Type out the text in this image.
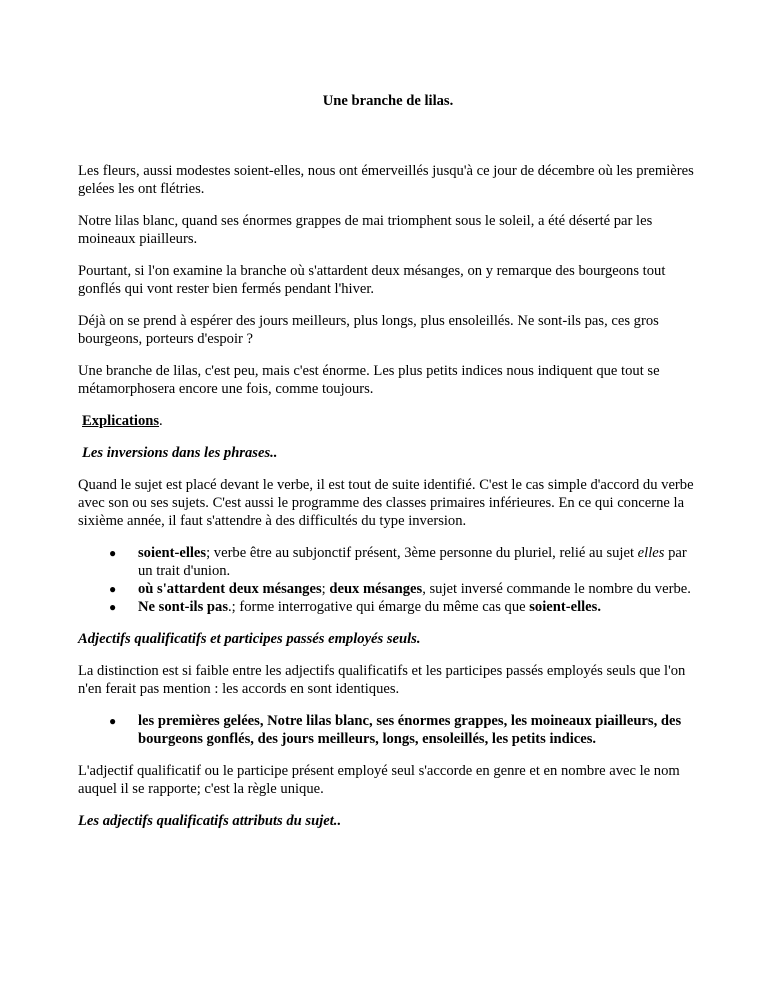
Une branche de lilas.

Les fleurs, aussi modestes soient-elles, nous ont émerveillés jusqu'à ce jour de décembre où les premières gelées les ont flétries.

Notre lilas blanc, quand ses énormes grappes de mai triomphent sous le soleil, a été déserté par les moineaux piailleurs.

Pourtant, si l'on examine la branche où s'attardent deux mésanges, on y remarque des bourgeons tout gonflés qui vont rester bien fermés pendant l'hiver.

Déjà on se prend à espérer des jours meilleurs, plus longs, plus ensoleillés. Ne sont-ils pas, ces gros bourgeons, porteurs d'espoir ?

Une branche de lilas, c'est peu, mais c'est énorme. Les plus petits indices nous indiquent que tout se métamorphosera encore une fois, comme toujours.

Explications.
Les inversions dans les phrases..

Quand le sujet est placé devant le verbe, il est tout de suite identifié. C'est le cas simple d'accord du verbe avec son ou ses sujets. C'est aussi le programme des classes primaires inférieures. En ce qui concerne la sixième année, il faut s'attendre à des difficultés du type inversion.

● soient-elles; verbe être au subjonctif présent, 3ème personne du pluriel, relié au sujet elles par un trait d'union.
● où s'attardent deux mésanges; deux mésanges, sujet inversé commande le nombre du verbe.
● Ne sont-ils pas.; forme interrogative qui émarge du même cas que soient-elles.
Adjectifs qualificatifs et participes passés employés seuls.

La distinction est si faible entre les adjectifs qualificatifs et les participes passés employés seuls que l'on n'en ferait pas mention : les accords en sont identiques.

● les premières gelées, Notre lilas blanc, ses énormes grappes, les moineaux piailleurs, des bourgeons gonflés, des jours meilleurs, longs, ensoleillés, les petits indices.

L'adjectif qualificatif ou le participe présent employé seul s'accorde en genre et en nombre avec le nom auquel il se rapporte; c'est la règle unique.

Les adjectifs qualificatifs attributs du sujet..
